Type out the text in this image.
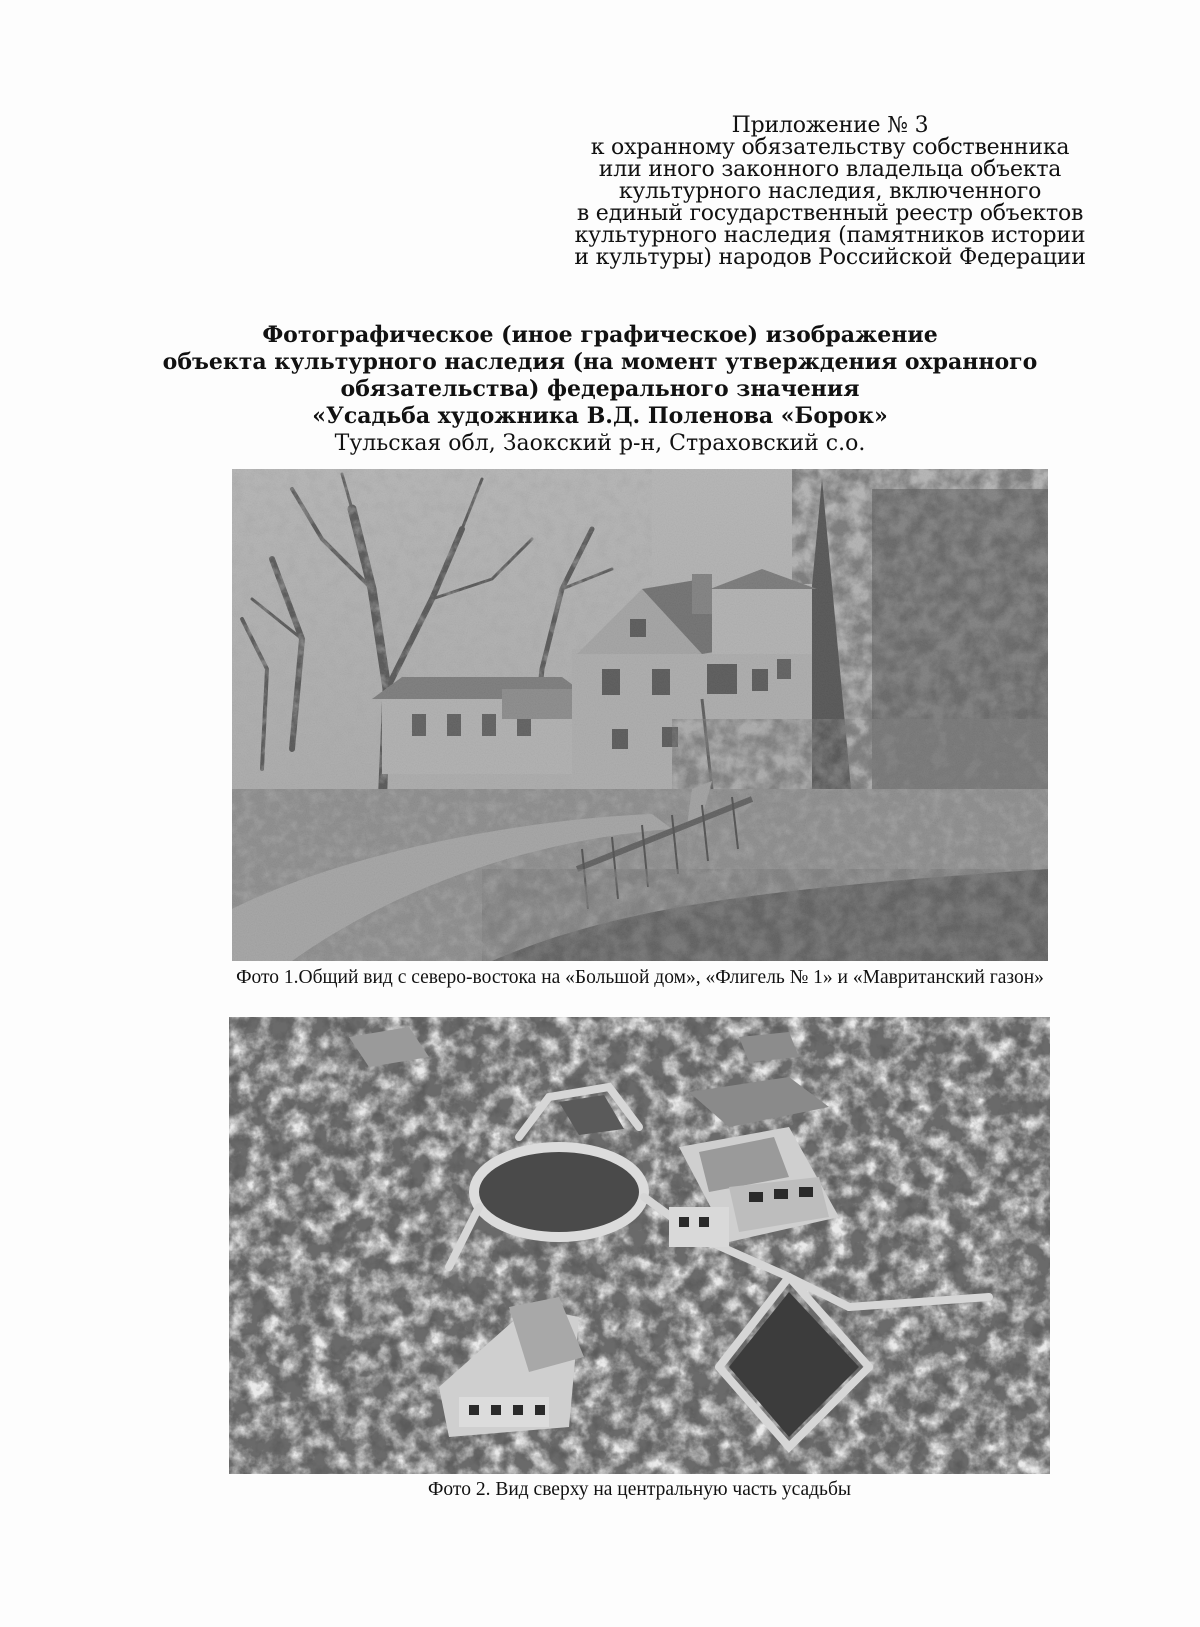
Приложение № 3
к охранному обязательству собственника
или иного законного владельца объекта
культурного наследия, включенного
в единый государственный реестр объектов
культурного наследия (памятников истории
и культуры) народов Российской Федерации
Фотографическое (иное графическое) изображение
объекта культурного наследия (на момент утверждения охранного
обязательства) федерального значения
«Усадьба художника В.Д. Поленова «Борок»
Тульская обл, Заокский р-н, Страховский с.о.
Фото 1.Общий вид с северо-востока на «Большой дом», «Флигель № 1» и «Мавританский газон»
Фото 2. Вид сверху на центральную часть усадьбы
